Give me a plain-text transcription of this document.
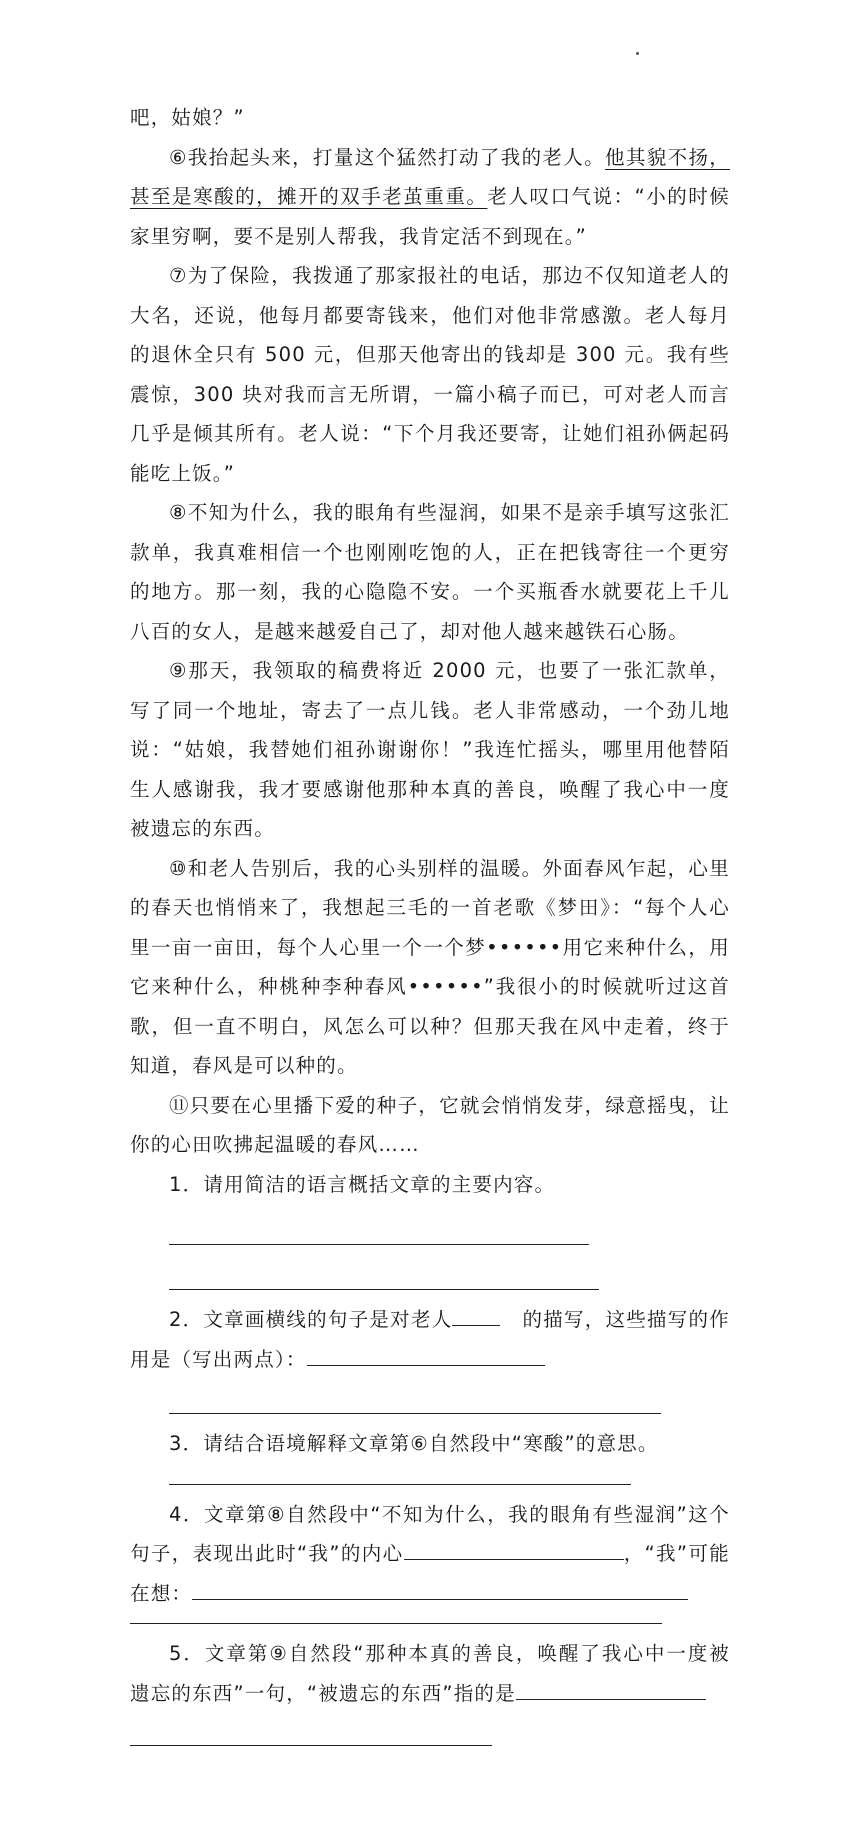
吧，姑娘？”

⑥我抬起头来，打量这个猛然打动了我的老人。他其貌不扬，甚至是寒酸的，摊开的双手老茧重重。老人叹口气说：“小的时候家里穷啊，要不是别人帮我，我肯定活不到现在。”

⑦为了保险，我拨通了那家报社的电话，那边不仅知道老人的大名，还说，他每月都要寄钱来，他们对他非常感激。老人每月的退休全只有 500 元，但那天他寄出的钱却是 300 元。我有些震惊，300 块对我而言无所谓，一篇小稿子而已，可对老人而言几乎是倾其所有。老人说：“下个月我还要寄，让她们祖孙俩起码能吃上饭。”

⑧不知为什么，我的眼角有些湿润，如果不是亲手填写这张汇款单，我真难相信一个也刚刚吃饱的人，正在把钱寄往一个更穷的地方。那一刻，我的心隐隐不安。一个买瓶香水就要花上千儿八百的女人，是越来越爱自己了，却对他人越来越铁石心肠。

⑨那天，我领取的稿费将近 2000 元，也要了一张汇款单，写了同一个地址，寄去了一点儿钱。老人非常感动，一个劲儿地说：“姑娘，我替她们祖孙谢谢你！”我连忙摇头，哪里用他替陌生人感谢我，我才要感谢他那种本真的善良，唤醒了我心中一度被遗忘的东西。

⑩和老人告别后，我的心头别样的温暖。外面春风乍起，心里的春天也悄悄来了，我想起三毛的一首老歌《梦田》：“每个人心里一亩一亩田，每个人心里一个一个梦••••••用它来种什么，用它来种什么，种桃种李种春风••••••”我很小的时候就听过这首歌，但一直不明白，风怎么可以种？但那天我在风中走着，终于知道，春风是可以种的。

⑪只要在心里播下爱的种子，它就会悄悄发芽，绿意摇曳，让你的心田吹拂起温暖的春风……

1．请用简洁的语言概括文章的主要内容。

2．文章画横线的句子是对老人	的描写，这些描写的作用是（写出两点）：

3．请结合语境解释文章第⑥自然段中“寒酸”的意思。

4．文章第⑧自然段中“不知为什么，我的眼角有些湿润”这个句子，表现出此时“我”的内心	，“我”可能在想：

5．文章第⑨自然段“那种本真的善良，唤醒了我心中一度被遗忘的东西”一句，“被遗忘的东西”指的是
